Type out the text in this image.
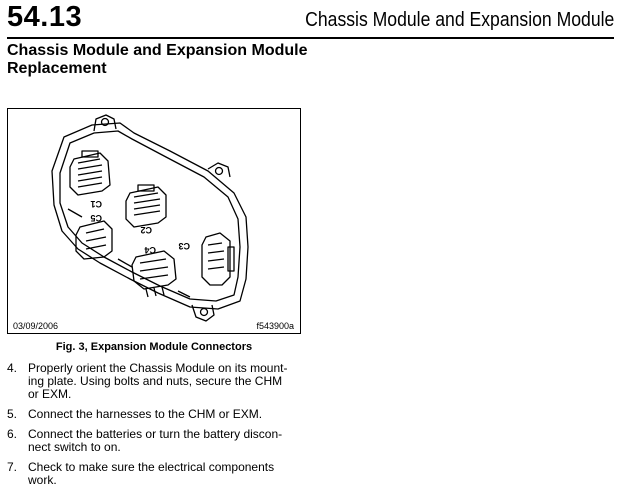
54.13	Chassis Module and Expansion Module
Chassis Module and Expansion Module Replacement
C1
C5
C2
C4 C3
03/09/2006	f543900a
Fig. 3, Expansion Module Connectors
4. Properly orient the Chassis Module on its mount-
ing plate. Using bolts and nuts, secure the CHM
or EXM.
5. Connect the harnesses to the CHM or EXM.
6. Connect the batteries or turn the battery discon-
nect switch to on.
7. Check to make sure the electrical components
work.
